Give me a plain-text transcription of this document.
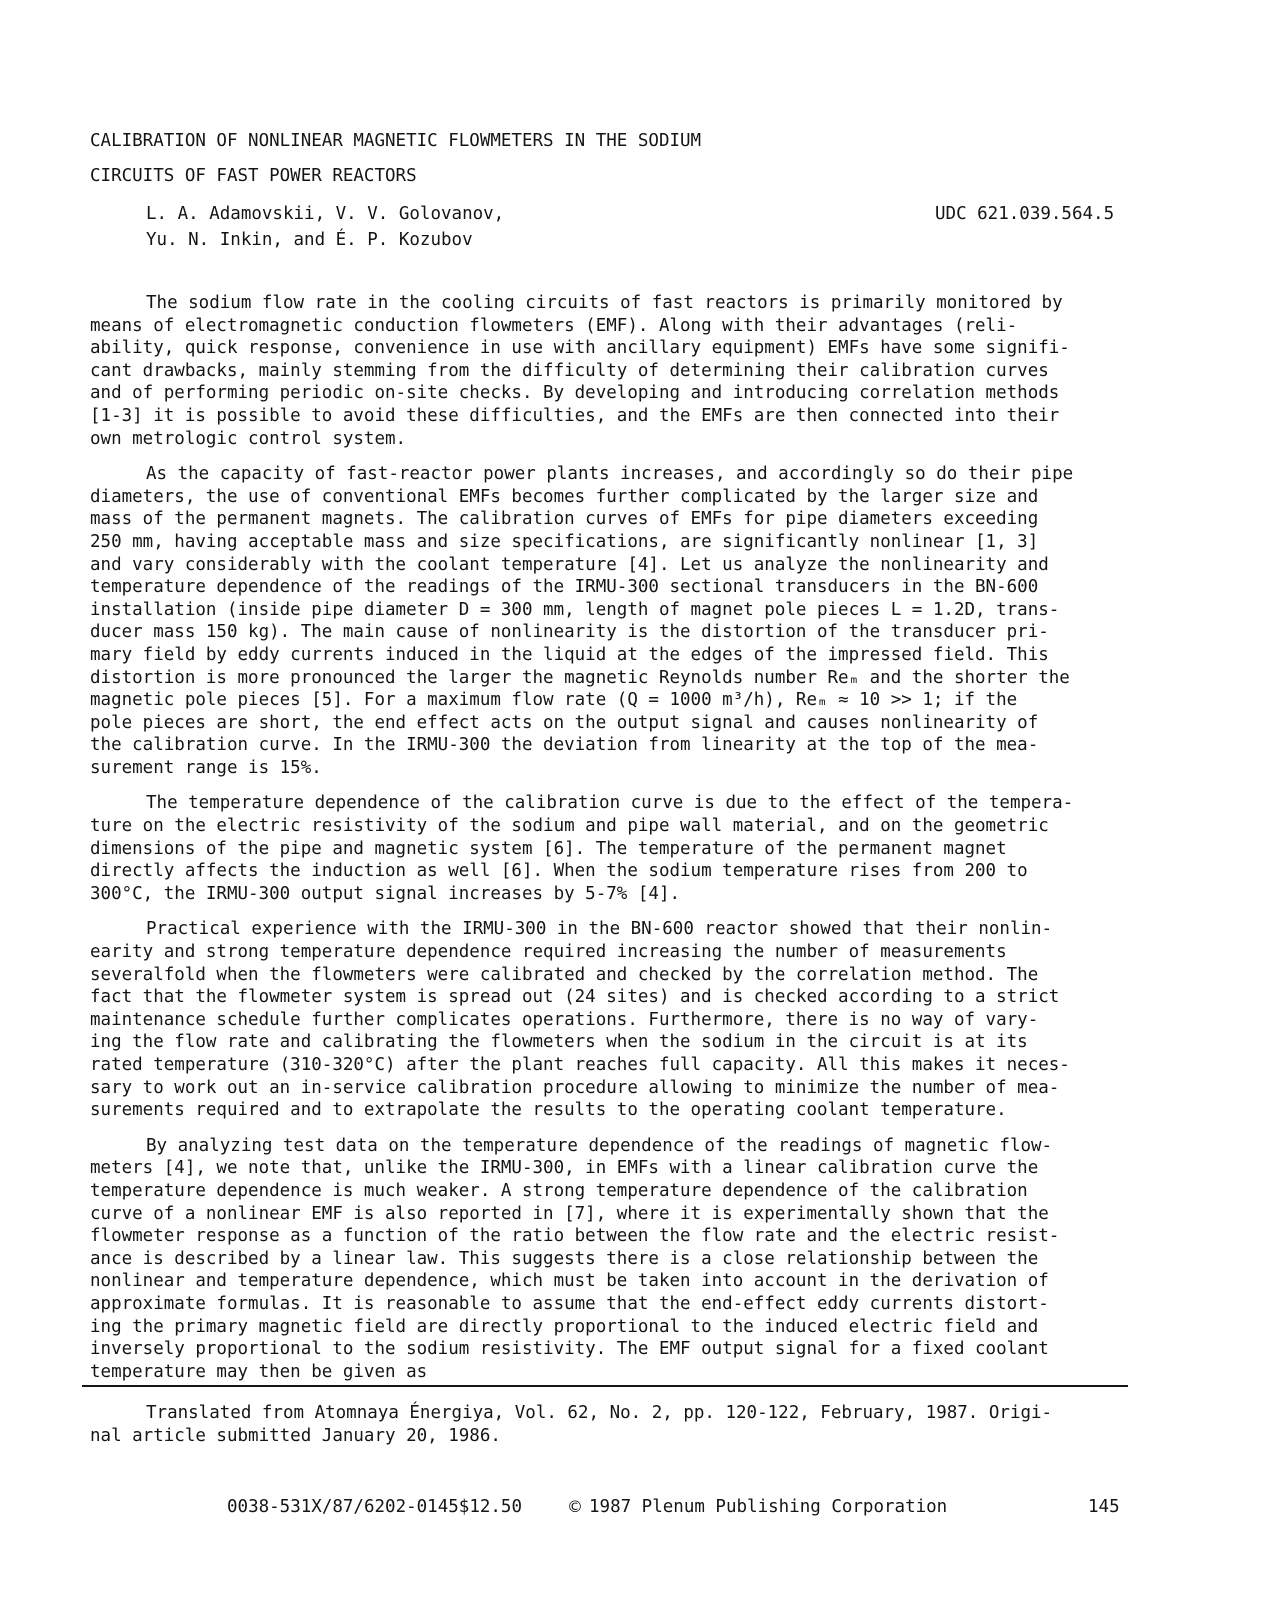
CALIBRATION OF NONLINEAR MAGNETIC FLOWMETERS IN THE SODIUM
CIRCUITS OF FAST POWER REACTORS
L. A. Adamovskii, V. V. Golovanov,
Yu. N. Inkin, and É. P. Kozubov
UDC 621.039.564.5

The sodium flow rate in the cooling circuits of fast reactors is primarily monitored by
means of electromagnetic conduction flowmeters (EMF). Along with their advantages (reli-
ability, quick response, convenience in use with ancillary equipment) EMFs have some signifi-
cant drawbacks, mainly stemming from the difficulty of determining their calibration curves
and of performing periodic on-site checks. By developing and introducing correlation methods
[1-3] it is possible to avoid these difficulties, and the EMFs are then connected into their
own metrologic control system.

As the capacity of fast-reactor power plants increases, and accordingly so do their pipe
diameters, the use of conventional EMFs becomes further complicated by the larger size and
mass of the permanent magnets. The calibration curves of EMFs for pipe diameters exceeding
250 mm, having acceptable mass and size specifications, are significantly nonlinear [1, 3]
and vary considerably with the coolant temperature [4]. Let us analyze the nonlinearity and
temperature dependence of the readings of the IRMU-300 sectional transducers in the BN-600
installation (inside pipe diameter D = 300 mm, length of magnet pole pieces L = 1.2D, trans-
ducer mass 150 kg). The main cause of nonlinearity is the distortion of the transducer pri-
mary field by eddy currents induced in the liquid at the edges of the impressed field. This
distortion is more pronounced the larger the magnetic Reynolds number Reₘ and the shorter the
magnetic pole pieces [5]. For a maximum flow rate (Q = 1000 m³/h), Reₘ ≈ 10 >> 1; if the
pole pieces are short, the end effect acts on the output signal and causes nonlinearity of
the calibration curve. In the IRMU-300 the deviation from linearity at the top of the mea-
surement range is 15%.

The temperature dependence of the calibration curve is due to the effect of the tempera-
ture on the electric resistivity of the sodium and pipe wall material, and on the geometric
dimensions of the pipe and magnetic system [6]. The temperature of the permanent magnet
directly affects the induction as well [6]. When the sodium temperature rises from 200 to
300°C, the IRMU-300 output signal increases by 5-7% [4].

Practical experience with the IRMU-300 in the BN-600 reactor showed that their nonlin-
earity and strong temperature dependence required increasing the number of measurements
severalfold when the flowmeters were calibrated and checked by the correlation method. The
fact that the flowmeter system is spread out (24 sites) and is checked according to a strict
maintenance schedule further complicates operations. Furthermore, there is no way of vary-
ing the flow rate and calibrating the flowmeters when the sodium in the circuit is at its
rated temperature (310-320°C) after the plant reaches full capacity. All this makes it neces-
sary to work out an in-service calibration procedure allowing to minimize the number of mea-
surements required and to extrapolate the results to the operating coolant temperature.

By analyzing test data on the temperature dependence of the readings of magnetic flow-
meters [4], we note that, unlike the IRMU-300, in EMFs with a linear calibration curve the
temperature dependence is much weaker. A strong temperature dependence of the calibration
curve of a nonlinear EMF is also reported in [7], where it is experimentally shown that the
flowmeter response as a function of the ratio between the flow rate and the electric resist-
ance is described by a linear law. This suggests there is a close relationship between the
nonlinear and temperature dependence, which must be taken into account in the derivation of
approximate formulas. It is reasonable to assume that the end-effect eddy currents distort-
ing the primary magnetic field are directly proportional to the induced electric field and
inversely proportional to the sodium resistivity. The EMF output signal for a fixed coolant
temperature may then be given as

Translated from Atomnaya Énergiya, Vol. 62, No. 2, pp. 120-122, February, 1987. Origi-
nal article submitted January 20, 1986.
0038-531X/87/6202-0145$12.50	© 1987 Plenum Publishing Corporation	145
